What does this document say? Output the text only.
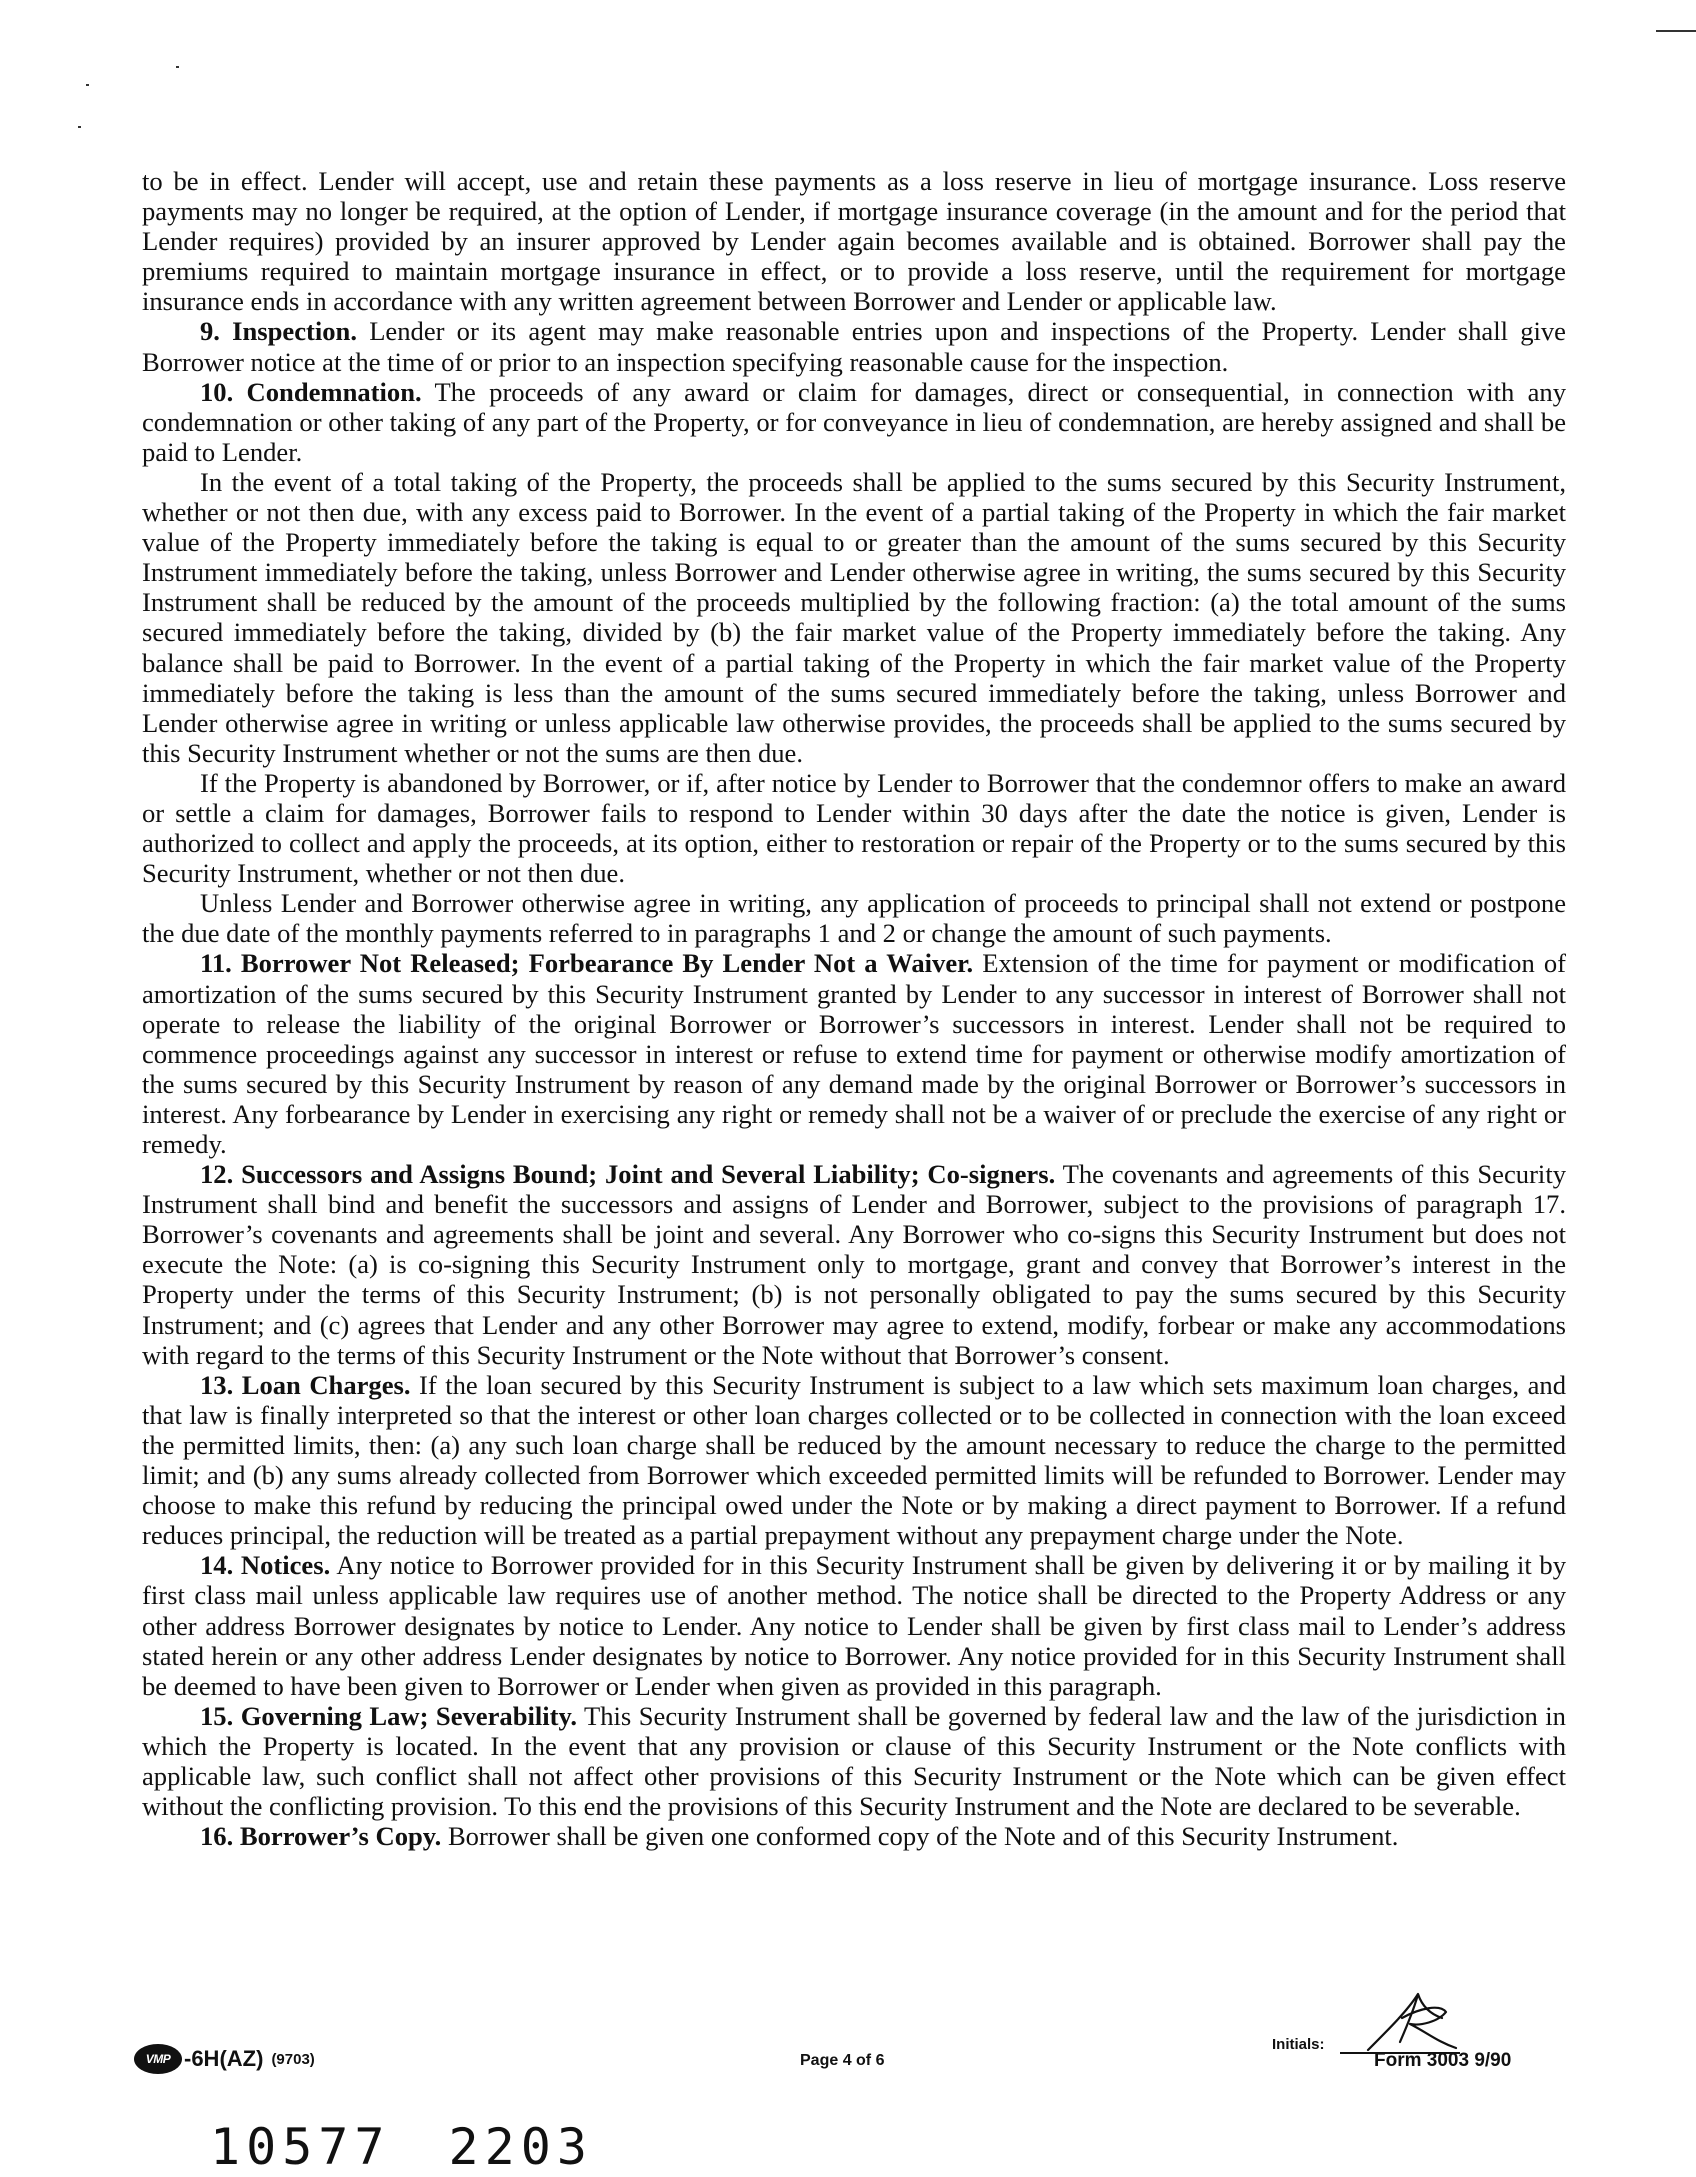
to be in effect. Lender will accept, use and retain these payments as a loss reserve in lieu of mortgage insurance. Loss reserve payments may no longer be required, at the option of Lender, if mortgage insurance coverage (in the amount and for the period that Lender requires) provided by an insurer approved by Lender again becomes available and is obtained. Borrower shall pay the premiums required to maintain mortgage insurance in effect, or to provide a loss reserve, until the requirement for mortgage insurance ends in accordance with any written agreement between Borrower and Lender or applicable law.

9. Inspection. Lender or its agent may make reasonable entries upon and inspections of the Property. Lender shall give Borrower notice at the time of or prior to an inspection specifying reasonable cause for the inspection.

10. Condemnation. The proceeds of any award or claim for damages, direct or consequential, in connection with any condemnation or other taking of any part of the Property, or for conveyance in lieu of condemnation, are hereby assigned and shall be paid to Lender.

In the event of a total taking of the Property, the proceeds shall be applied to the sums secured by this Security Instrument, whether or not then due, with any excess paid to Borrower. In the event of a partial taking of the Property in which the fair market value of the Property immediately before the taking is equal to or greater than the amount of the sums secured by this Security Instrument immediately before the taking, unless Borrower and Lender otherwise agree in writing, the sums secured by this Security Instrument shall be reduced by the amount of the proceeds multiplied by the following fraction: (a) the total amount of the sums secured immediately before the taking, divided by (b) the fair market value of the Property immediately before the taking. Any balance shall be paid to Borrower. In the event of a partial taking of the Property in which the fair market value of the Property immediately before the taking is less than the amount of the sums secured immediately before the taking, unless Borrower and Lender otherwise agree in writing or unless applicable law otherwise provides, the proceeds shall be applied to the sums secured by this Security Instrument whether or not the sums are then due.

If the Property is abandoned by Borrower, or if, after notice by Lender to Borrower that the condemnor offers to make an award or settle a claim for damages, Borrower fails to respond to Lender within 30 days after the date the notice is given, Lender is authorized to collect and apply the proceeds, at its option, either to restoration or repair of the Property or to the sums secured by this Security Instrument, whether or not then due.

Unless Lender and Borrower otherwise agree in writing, any application of proceeds to principal shall not extend or postpone the due date of the monthly payments referred to in paragraphs 1 and 2 or change the amount of such payments.

11. Borrower Not Released; Forbearance By Lender Not a Waiver. Extension of the time for payment or modification of amortization of the sums secured by this Security Instrument granted by Lender to any successor in interest of Borrower shall not operate to release the liability of the original Borrower or Borrower’s successors in interest. Lender shall not be required to commence proceedings against any successor in interest or refuse to extend time for payment or otherwise modify amortization of the sums secured by this Security Instrument by reason of any demand made by the original Borrower or Borrower’s successors in interest. Any forbearance by Lender in exercising any right or remedy shall not be a waiver of or preclude the exercise of any right or remedy.

12. Successors and Assigns Bound; Joint and Several Liability; Co-signers. The covenants and agreements of this Security Instrument shall bind and benefit the successors and assigns of Lender and Borrower, subject to the provisions of paragraph 17. Borrower’s covenants and agreements shall be joint and several. Any Borrower who co-signs this Security Instrument but does not execute the Note: (a) is co-signing this Security Instrument only to mortgage, grant and convey that Borrower’s interest in the Property under the terms of this Security Instrument; (b) is not personally obligated to pay the sums secured by this Security Instrument; and (c) agrees that Lender and any other Borrower may agree to extend, modify, forbear or make any accommodations with regard to the terms of this Security Instrument or the Note without that Borrower’s consent.

13. Loan Charges. If the loan secured by this Security Instrument is subject to a law which sets maximum loan charges, and that law is finally interpreted so that the interest or other loan charges collected or to be collected in connection with the loan exceed the permitted limits, then: (a) any such loan charge shall be reduced by the amount necessary to reduce the charge to the permitted limit; and (b) any sums already collected from Borrower which exceeded permitted limits will be refunded to Borrower. Lender may choose to make this refund by reducing the principal owed under the Note or by making a direct payment to Borrower. If a refund reduces principal, the reduction will be treated as a partial prepayment without any prepayment charge under the Note.

14. Notices. Any notice to Borrower provided for in this Security Instrument shall be given by delivering it or by mailing it by first class mail unless applicable law requires use of another method. The notice shall be directed to the Property Address or any other address Borrower designates by notice to Lender. Any notice to Lender shall be given by first class mail to Lender’s address stated herein or any other address Lender designates by notice to Borrower. Any notice provided for in this Security Instrument shall be deemed to have been given to Borrower or Lender when given as provided in this paragraph.

15. Governing Law; Severability. This Security Instrument shall be governed by federal law and the law of the jurisdiction in which the Property is located. In the event that any provision or clause of this Security Instrument or the Note conflicts with applicable law, such conflict shall not affect other provisions of this Security Instrument or the Note which can be given effect without the conflicting provision. To this end the provisions of this Security Instrument and the Note are declared to be severable.

16. Borrower’s Copy. Borrower shall be given one conformed copy of the Note and of this Security Instrument.

VMP -6H(AZ) (9703)	Page 4 of 6
Initials:
Form 3003 9/90
10577 2203
